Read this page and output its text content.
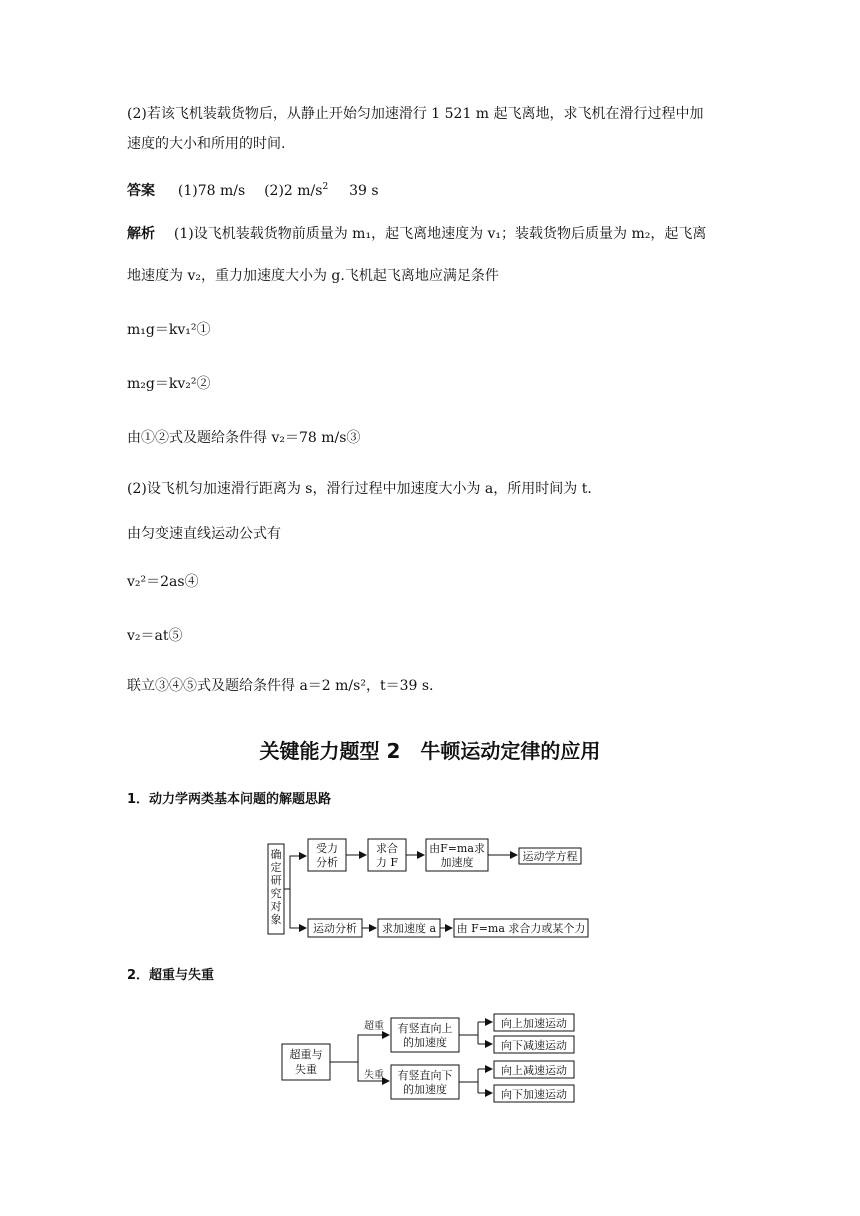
(2)若该飞机装载货物后，从静止开始匀加速滑行 1 521 m 起飞离地，求飞机在滑行过程中加
速度的大小和所用的时间.
答案 (1)78 m/s (2)2 $m/s^2$ 39 s
解析 (1)设飞机装载货物前质量为 m₁，起飞离地速度为 v₁；装载货物后质量为 m₂，起飞离
地速度为 v₂，重力加速度大小为 g.飞机起飞离地应满足条件
m₁g＝kv₁²①
m₂g＝kv₂²②
由①②式及题给条件得 v₂＝78 m/s③
(2)设飞机匀加速滑行距离为 s，滑行过程中加速度大小为 a，所用时间为 t.
由匀变速直线运动公式有
v₂²＝2as④
v₂＝at⑤
联立③④⑤式及题给条件得 a＝2 m/s²，t＝39 s.
关键能力题型 2　牛顿运动定律的应用
1．动力学两类基本问题的解题思路
确
定
研
究
对
象
受力
分析
求合
力 F
由F=ma求
加速度	运动学方程
运动分析 求加速度 a 由 F=ma 求合力或某个力
2．超重与失重
超重与
失重
超重
失重
有竖直向上
的加速度
有竖直向下
的加速度
向上加速运动
向下减速运动
向上减速运动
向下加速运动
